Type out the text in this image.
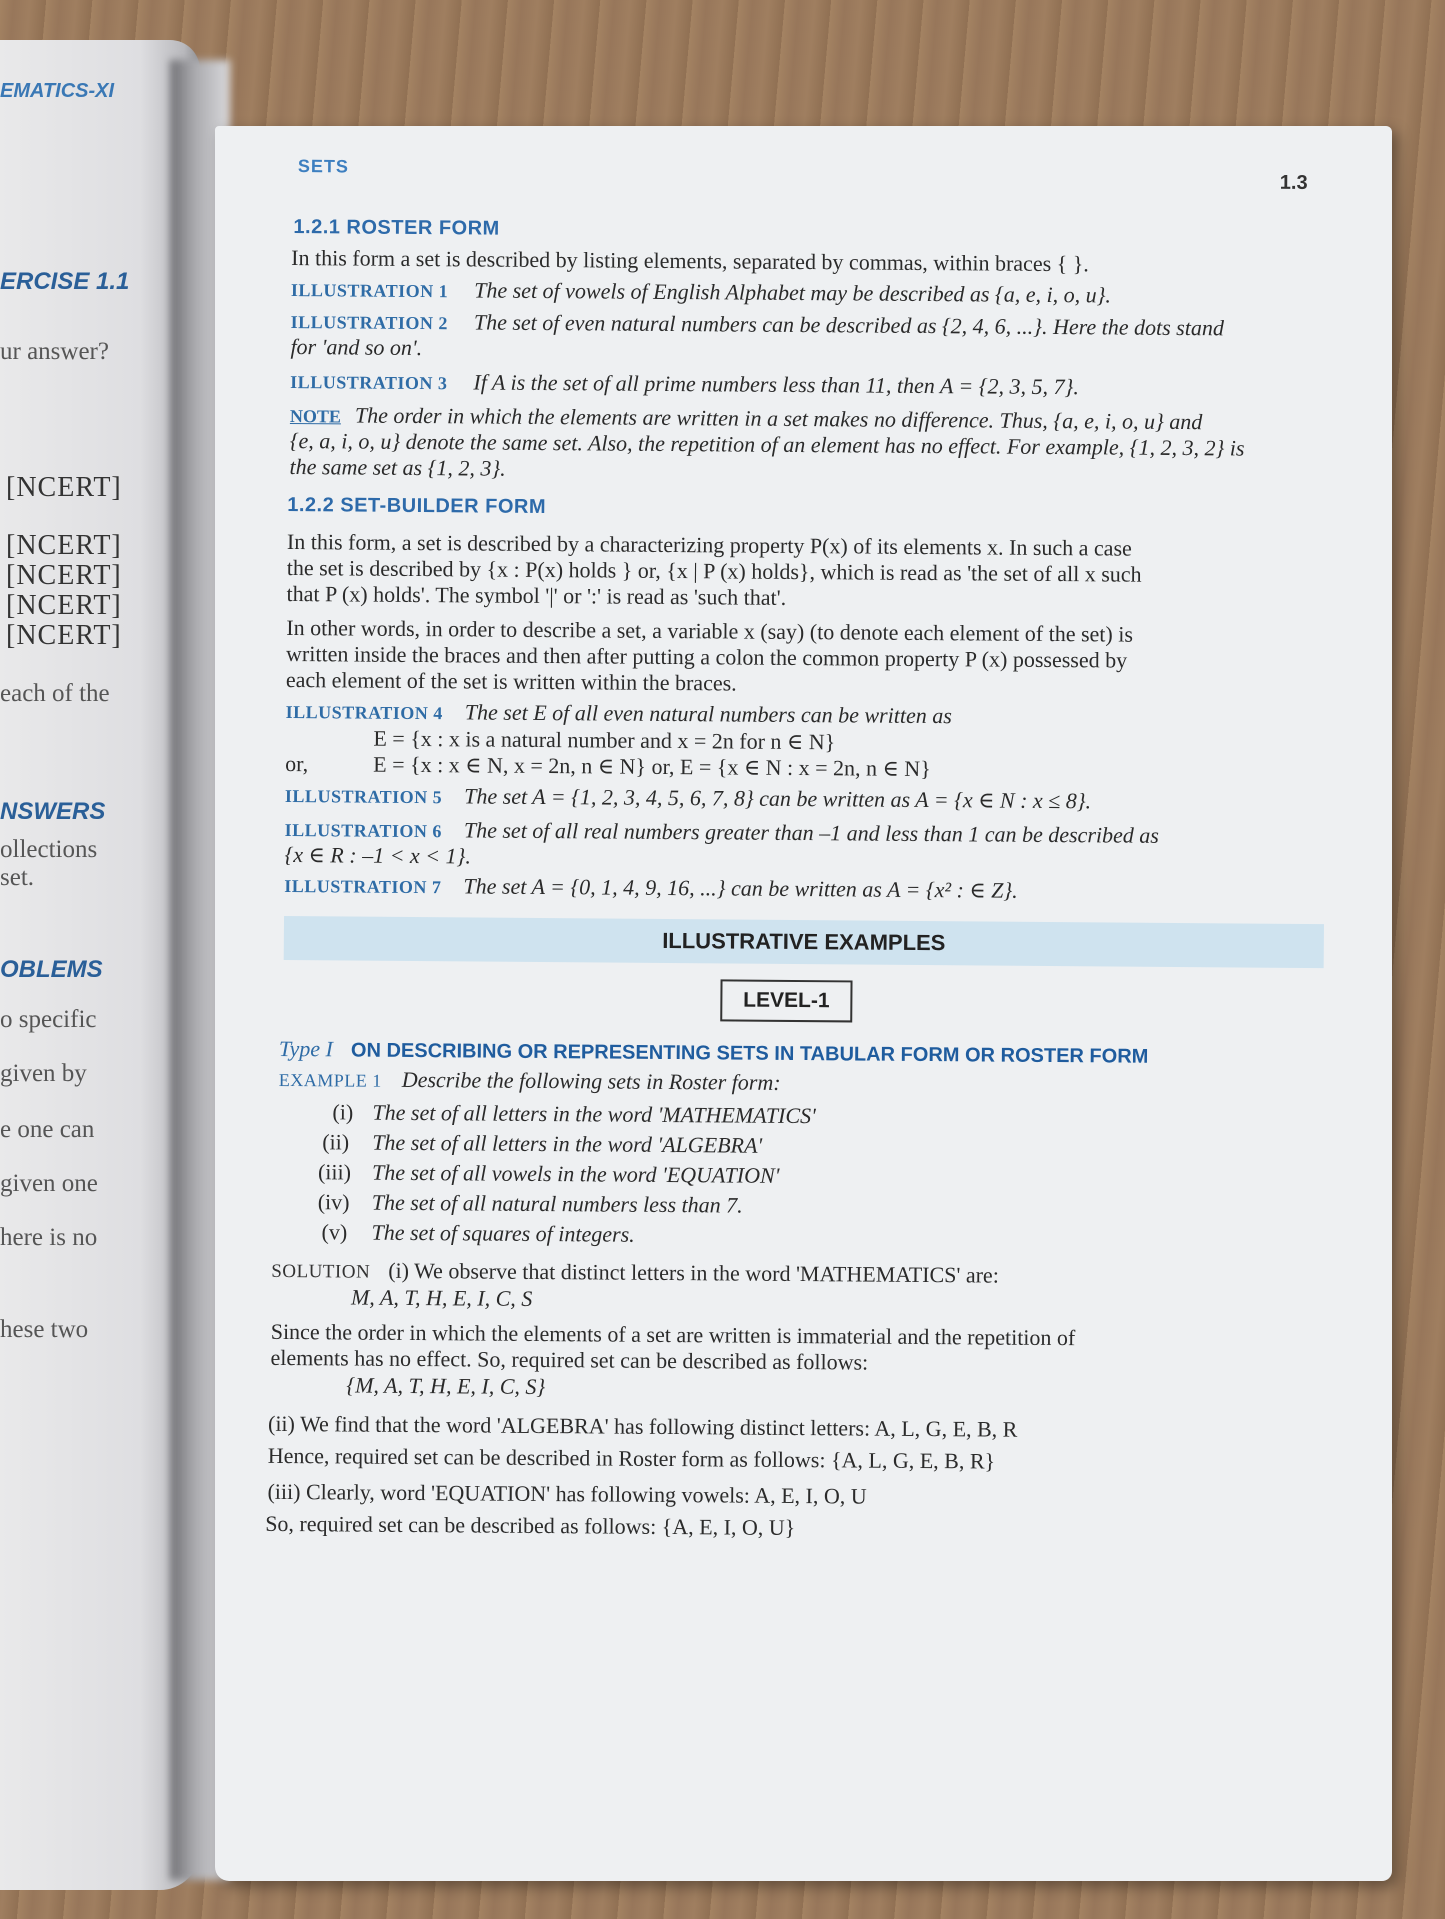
EMATICS-XI
ERCISE 1.1
ur answer?
[NCERT]
[NCERT]
[NCERT]
[NCERT]
[NCERT]
each of the
NSWERS
ollections
set.
OBLEMS
o specific
given by
e one can
given one
here is no
hese two
SETS
1.3
1.2.1 ROSTER FORM
In this form a set is described by listing elements, separated by commas, within braces { }.
ILLUSTRATION 1 The set of vowels of English Alphabet may be described as {a, e, i, o, u}.
ILLUSTRATION 2 The set of even natural numbers can be described as {2, 4, 6, ...}. Here the dots stand
for 'and so on'.
ILLUSTRATION 3 If A is the set of all prime numbers less than 11, then A = {2, 3, 5, 7}.
NOTE The order in which the elements are written in a set makes no difference. Thus, {a, e, i, o, u} and
{e, a, i, o, u} denote the same set. Also, the repetition of an element has no effect. For example, {1, 2, 3, 2} is
the same set as {1, 2, 3}.
1.2.2 SET-BUILDER FORM
In this form, a set is described by a characterizing property P(x) of its elements x. In such a case
the set is described by {x : P(x) holds } or, {x | P (x) holds}, which is read as 'the set of all x such
that P (x) holds'. The symbol '|' or ':' is read as 'such that'.
In other words, in order to describe a set, a variable x (say) (to denote each element of the set) is
written inside the braces and then after putting a colon the common property P (x) possessed by
each element of the set is written within the braces.
ILLUSTRATION 4 The set E of all even natural numbers can be written as
E = {x : x is a natural number and x = 2n for n ∈ N}
or,	E = {x : x ∈ N, x = 2n, n ∈ N} or, E = {x ∈ N : x = 2n, n ∈ N}
ILLUSTRATION 5 The set A = {1, 2, 3, 4, 5, 6, 7, 8} can be written as A = {x ∈ N : x ≤ 8}.
ILLUSTRATION 6 The set of all real numbers greater than –1 and less than 1 can be described as
{x ∈ R : –1 < x < 1}.
ILLUSTRATION 7 The set A = {0, 1, 4, 9, 16, ...} can be written as A = {x² : ∈ Z}.
ILLUSTRATIVE EXAMPLES
LEVEL-1
Type I ON DESCRIBING OR REPRESENTING SETS IN TABULAR FORM OR ROSTER FORM
EXAMPLE 1 Describe the following sets in Roster form:
(i) The set of all letters in the word 'MATHEMATICS'
(ii) The set of all letters in the word 'ALGEBRA'
(iii) The set of all vowels in the word 'EQUATION'
(iv) The set of all natural numbers less than 7.
(v) The set of squares of integers.
SOLUTION (i) We observe that distinct letters in the word 'MATHEMATICS' are:
M, A, T, H, E, I, C, S
Since the order in which the elements of a set are written is immaterial and the repetition of
elements has no effect. So, required set can be described as follows:
{M, A, T, H, E, I, C, S}
(ii) We find that the word 'ALGEBRA' has following distinct letters: A, L, G, E, B, R
Hence, required set can be described in Roster form as follows: {A, L, G, E, B, R}
(iii) Clearly, word 'EQUATION' has following vowels: A, E, I, O, U
So, required set can be described as follows: {A, E, I, O, U}
